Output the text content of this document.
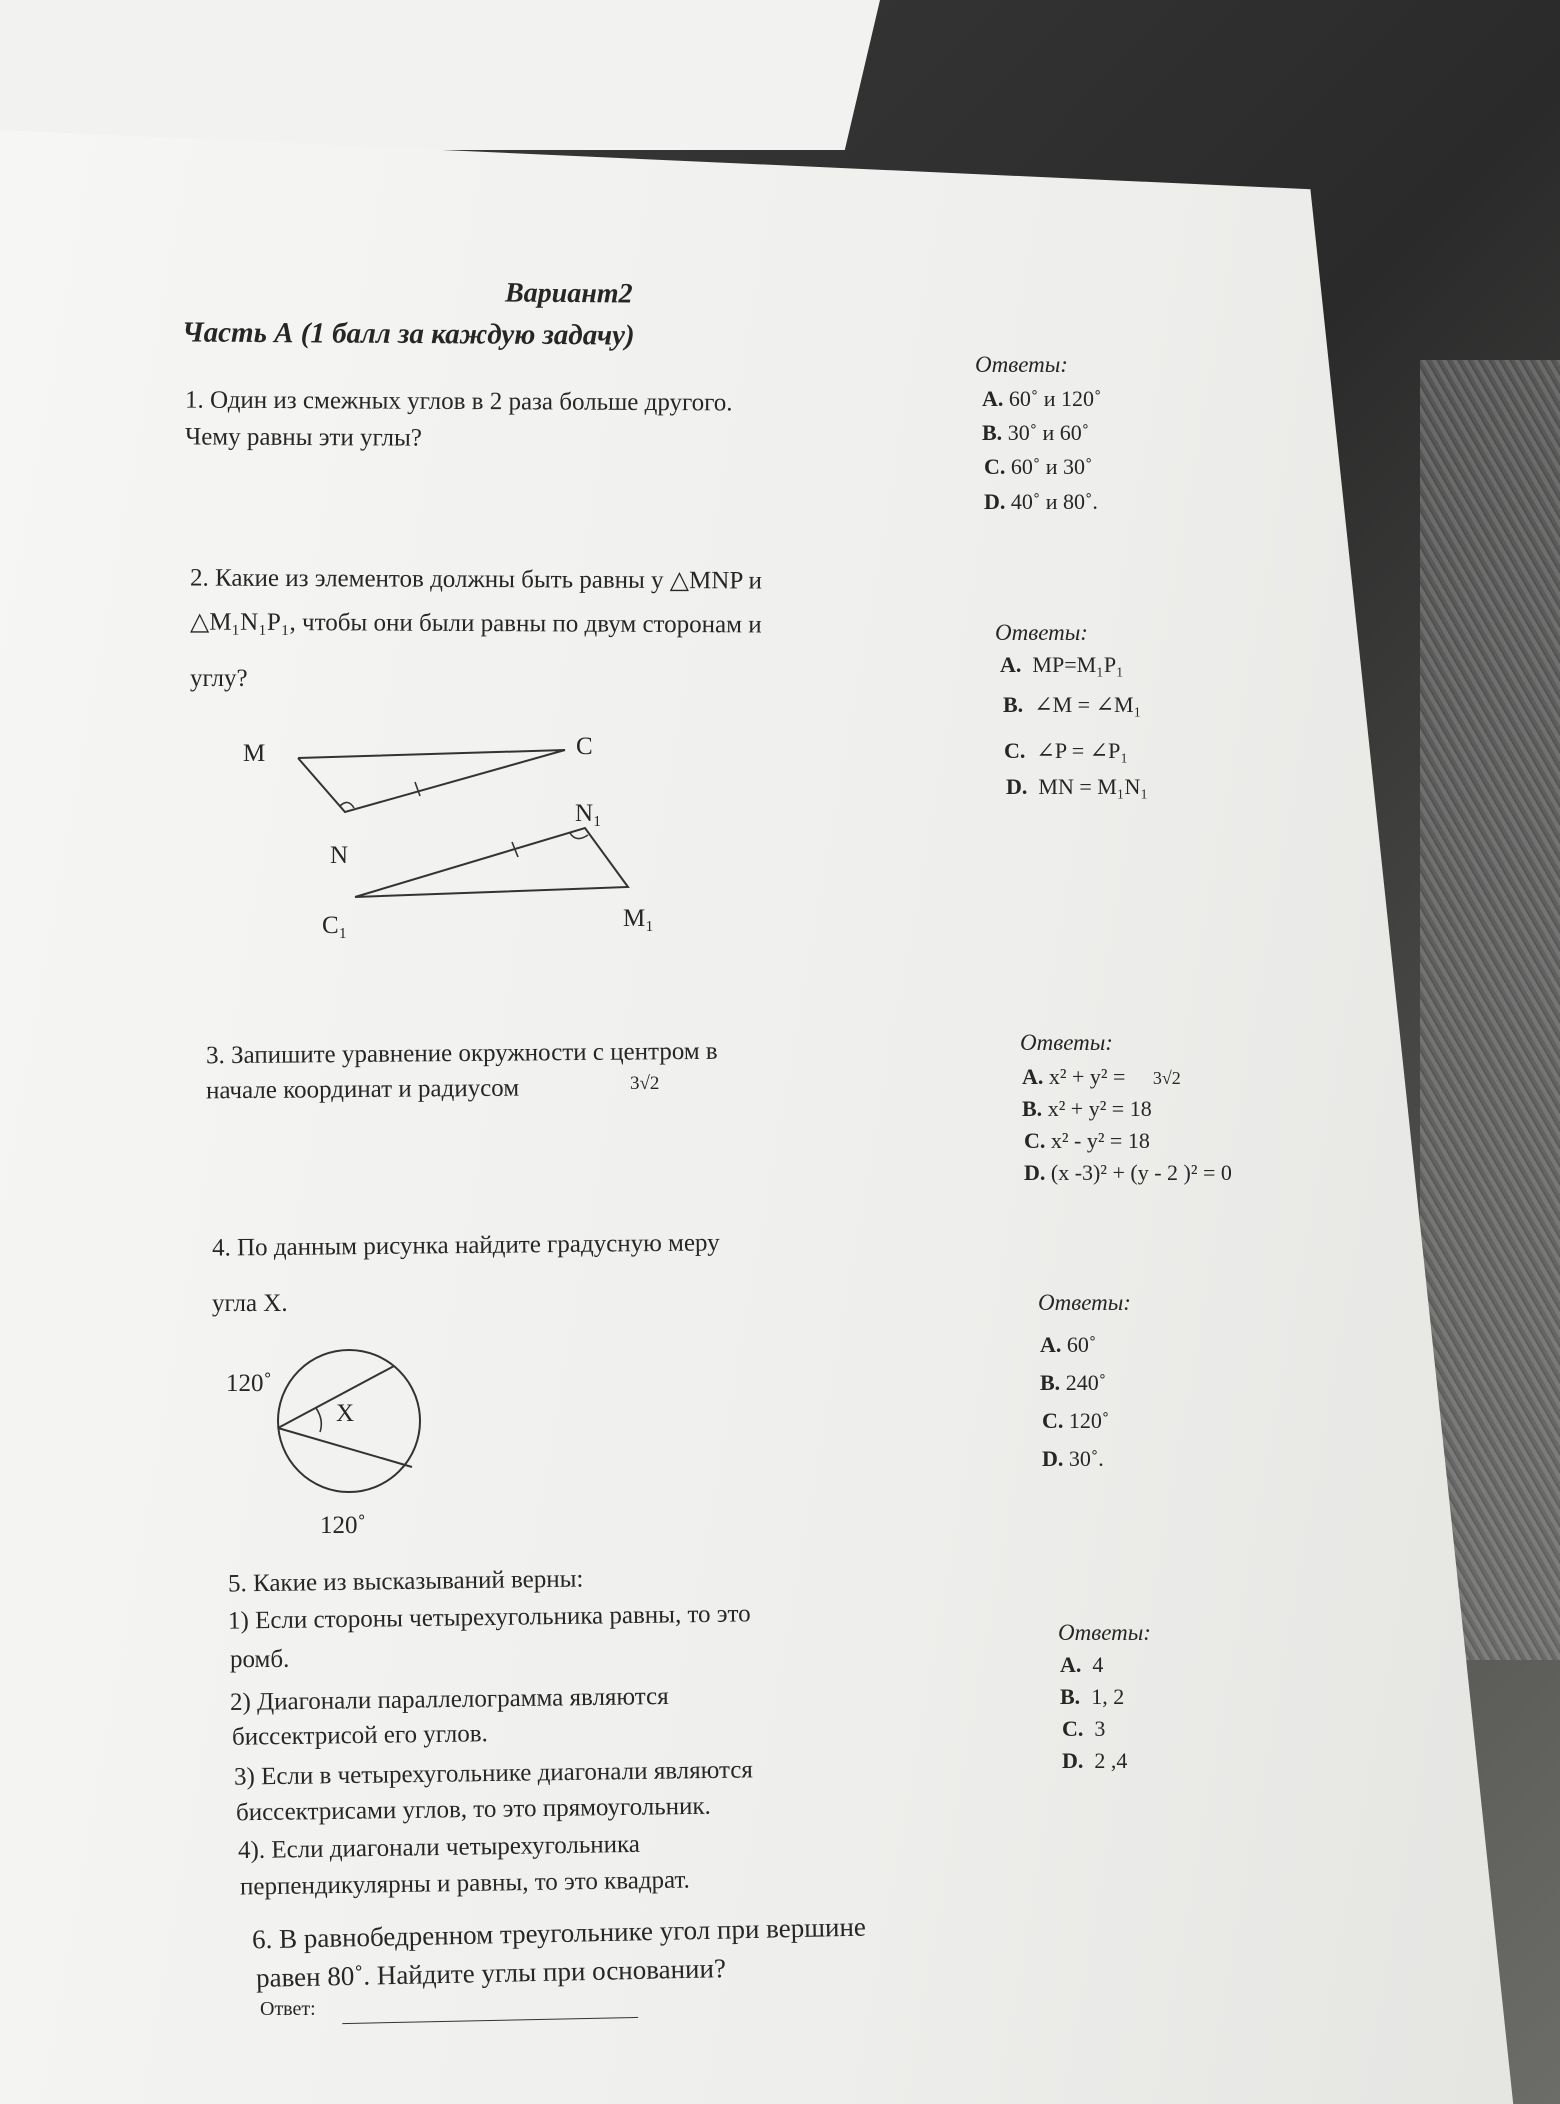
Вариант2
Часть А (1 балл за каждую задачу)
1. Один из смежных углов в 2 раза больше другого.
Чему равны эти углы?
Ответы:
A. 60˚ и 120˚
B. 30˚ и 60˚
C. 60˚ и 30˚
D. 40˚ и 80˚.
2. Какие из элементов должны быть равны у △MNP и
△M₁N₁P₁, чтобы они были равны по двум сторонам и
углу?
M	C
N
N₁
C₁	M₁
Ответы:
A. MP=M₁P₁
B. ∠M = ∠M₁
C. ∠P = ∠P₁
D. MN = M₁N₁
3. Запишите уравнение окружности с центром в
начале координат и радиусом	3√2
Ответы:
A. x² + y² = 3√2
B. x² + y² = 18
C. x² - y² = 18
D. (x -3)² + (y - 2 )² = 0
4. По данным рисунка найдите градусную меру
угла X.
120˚
120˚
X
Ответы:
A. 60˚
B. 240˚
C. 120˚
D. 30˚.
5. Какие из высказываний верны:
1) Если стороны четырехугольника равны, то это
ромб.
2) Диагонали параллелограмма являются
биссектрисой его углов.
3) Если в четырехугольнике диагонали являются
биссектрисами углов, то это прямоугольник.
4). Если диагонали четырехугольника
перпендикулярны и равны, то это квадрат.
Ответы:
A. 4
B. 1, 2
C. 3
D. 2 ,4
6. В равнобедренном треугольнике угол при вершине
равен 80˚. Найдите углы при основании?
Ответ:
